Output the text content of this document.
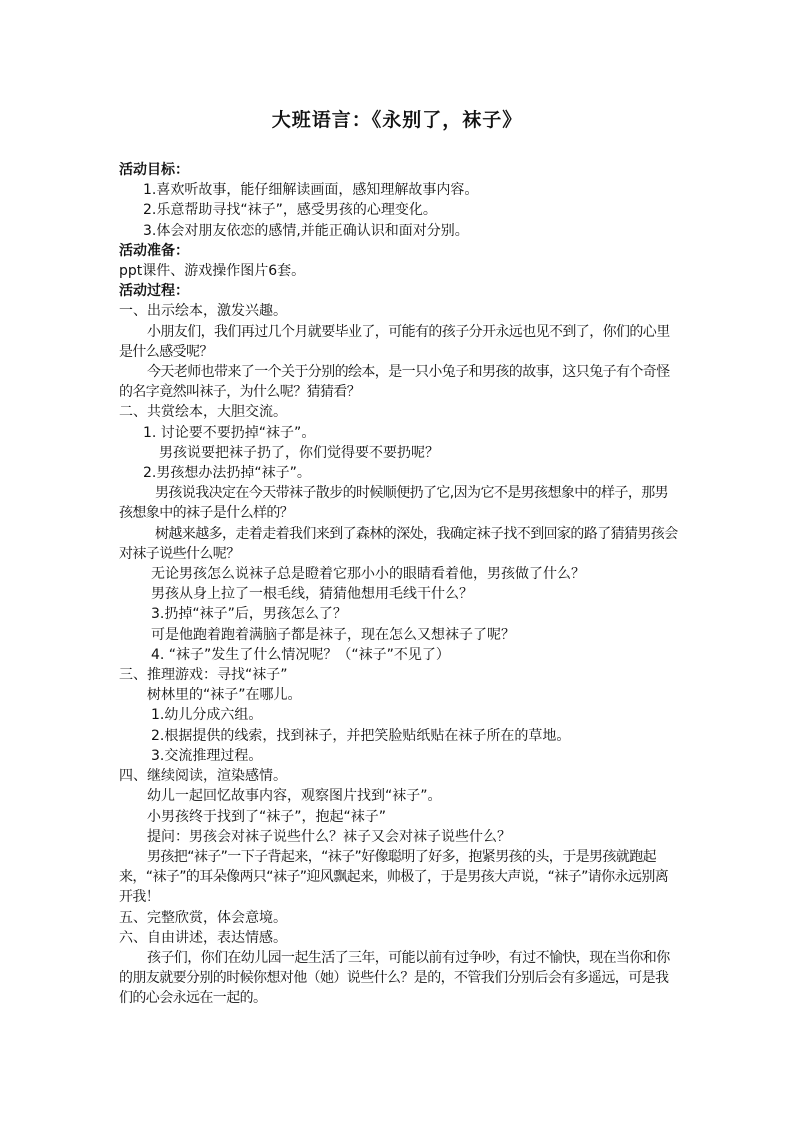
大班语言：《永别了，袜子》

活动目标：

1.喜欢听故事，能仔细解读画面，感知理解故事内容。

2.乐意帮助寻找“袜子”，感受男孩的心理变化。

3.体会对朋友依恋的感情,并能正确认识和面对分别。

活动准备：

ppt课件、游戏操作图片6套。

活动过程：

一、出示绘本，激发兴趣。

小朋友们，我们再过几个月就要毕业了，可能有的孩子分开永远也见不到了，你们的心里是什么感受呢？

今天老师也带来了一个关于分别的绘本，是一只小兔子和男孩的故事，这只兔子有个奇怪的名字竟然叫袜子，为什么呢？猜猜看？

二、共赏绘本，大胆交流。

1. 讨论要不要扔掉“袜子”。

男孩说要把袜子扔了，你们觉得要不要扔呢？

2.男孩想办法扔掉“袜子”。

男孩说我决定在今天带袜子散步的时候顺便扔了它,因为它不是男孩想象中的样子，那男孩想象中的袜子是什么样的？

树越来越多，走着走着我们来到了森林的深处，我确定袜子找不到回家的路了猜猜男孩会对袜子说些什么呢？

无论男孩怎么说袜子总是瞪着它那小小的眼睛看着他，男孩做了什么？

男孩从身上拉了一根毛线，猜猜他想用毛线干什么？

3.扔掉“袜子”后，男孩怎么了？

可是他跑着跑着满脑子都是袜子，现在怎么又想袜子了呢？

4. “袜子”发生了什么情况呢？（“袜子”不见了）

三、推理游戏：寻找“袜子”

树林里的“袜子”在哪儿。

1.幼儿分成六组。

2.根据提供的线索，找到袜子，并把笑脸贴纸贴在袜子所在的草地。

3.交流推理过程。

四、继续阅读，渲染感情。

幼儿一起回忆故事内容，观察图片找到“袜子”。

小男孩终于找到了“袜子”，抱起“袜子”

提问：男孩会对袜子说些什么？袜子又会对袜子说些什么？

男孩把“袜子”一下子背起来，“袜子”好像聪明了好多，抱紧男孩的头，于是男孩就跑起来，“袜子”的耳朵像两只“袜子”迎风飘起来，帅极了，于是男孩大声说，“袜子”请你永远别离开我！

五、完整欣赏，体会意境。

六、自由讲述，表达情感。

孩子们，你们在幼儿园一起生活了三年，可能以前有过争吵，有过不愉快，现在当你和你的朋友就要分别的时候你想对他（她）说些什么？是的，不管我们分别后会有多遥远，可是我们的心会永远在一起的。
